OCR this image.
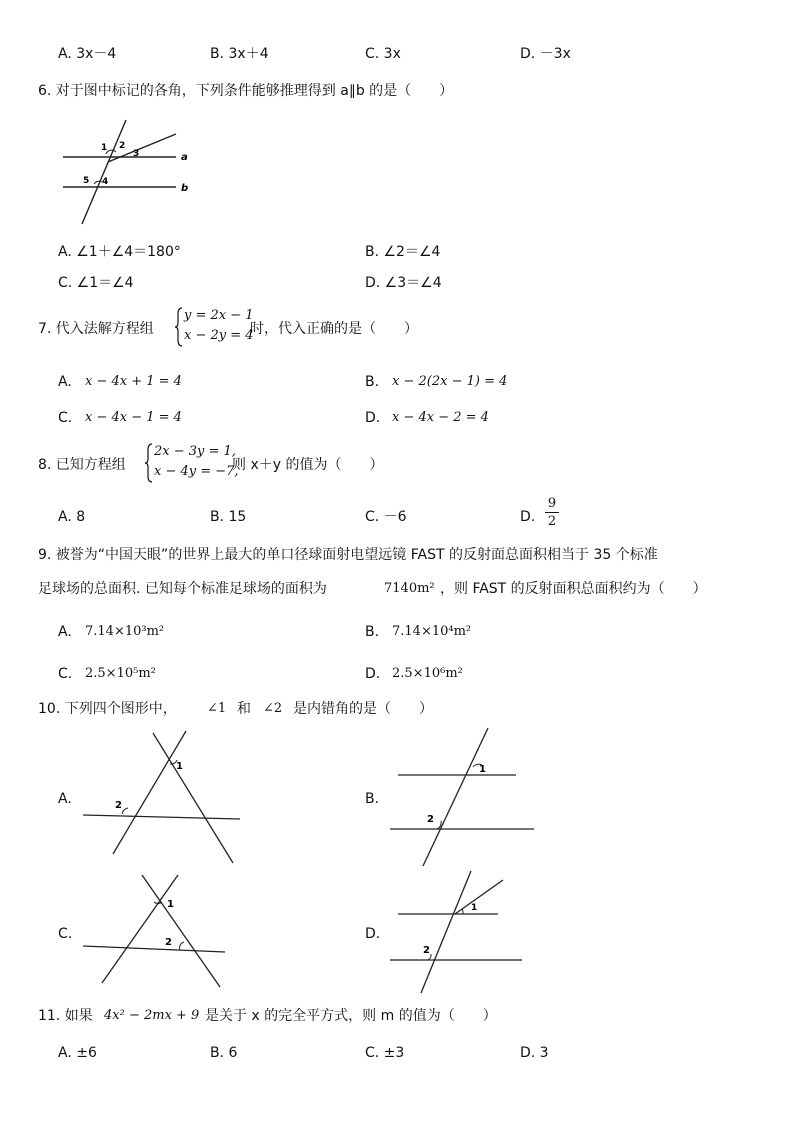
A. 3x－4	B. 3x＋4	C. 3x	D. －3x
6. 对于图中标记的各角，下列条件能够推理得到 a∥b 的是（　　）
1 2
3
5 4
a
b
A. ∠1＋∠4＝180°	B. ∠2＝∠4
C. ∠1＝∠4	D. ∠3＝∠4
7. 代入法解方程组
y = 2x − 1
x − 2y = 4
时，代入正确的是（　　）
A. x − 4x + 1 = 4	B. x − 2(2x − 1) = 4
C. x − 4x − 1 = 4	D. x − 4x − 2 = 4
8. 已知方程组
2x − 3y = 1,
x − 4y = −7,
则 x＋y 的值为（　　）
A. 8	B. 15	C. －6	D.
9
2
9. 被誉为“中国天眼”的世界上最大的单口径球面射电望远镜 FAST 的反射面总面积相当于 35 个标准
足球场的总面积. 已知每个标准足球场的面积为	7140m² ，则 FAST 的反射面积总面积约为（　　）
A. 7.14×10³m²	B. 7.14×10⁴m²
C. 2.5×10⁵m²	D. 2.5×10⁶m²
10. 下列四个图形中， ∠1 和 ∠2 是内错角的是（　　）
A.
1
2	B.
1
2
C.
1
2
D.
1
2
11. 如果 4x² − 2mx + 9 是关于 x 的完全平方式，则 m 的值为（　　）
A. ±6	B. 6	C. ±3	D. 3
